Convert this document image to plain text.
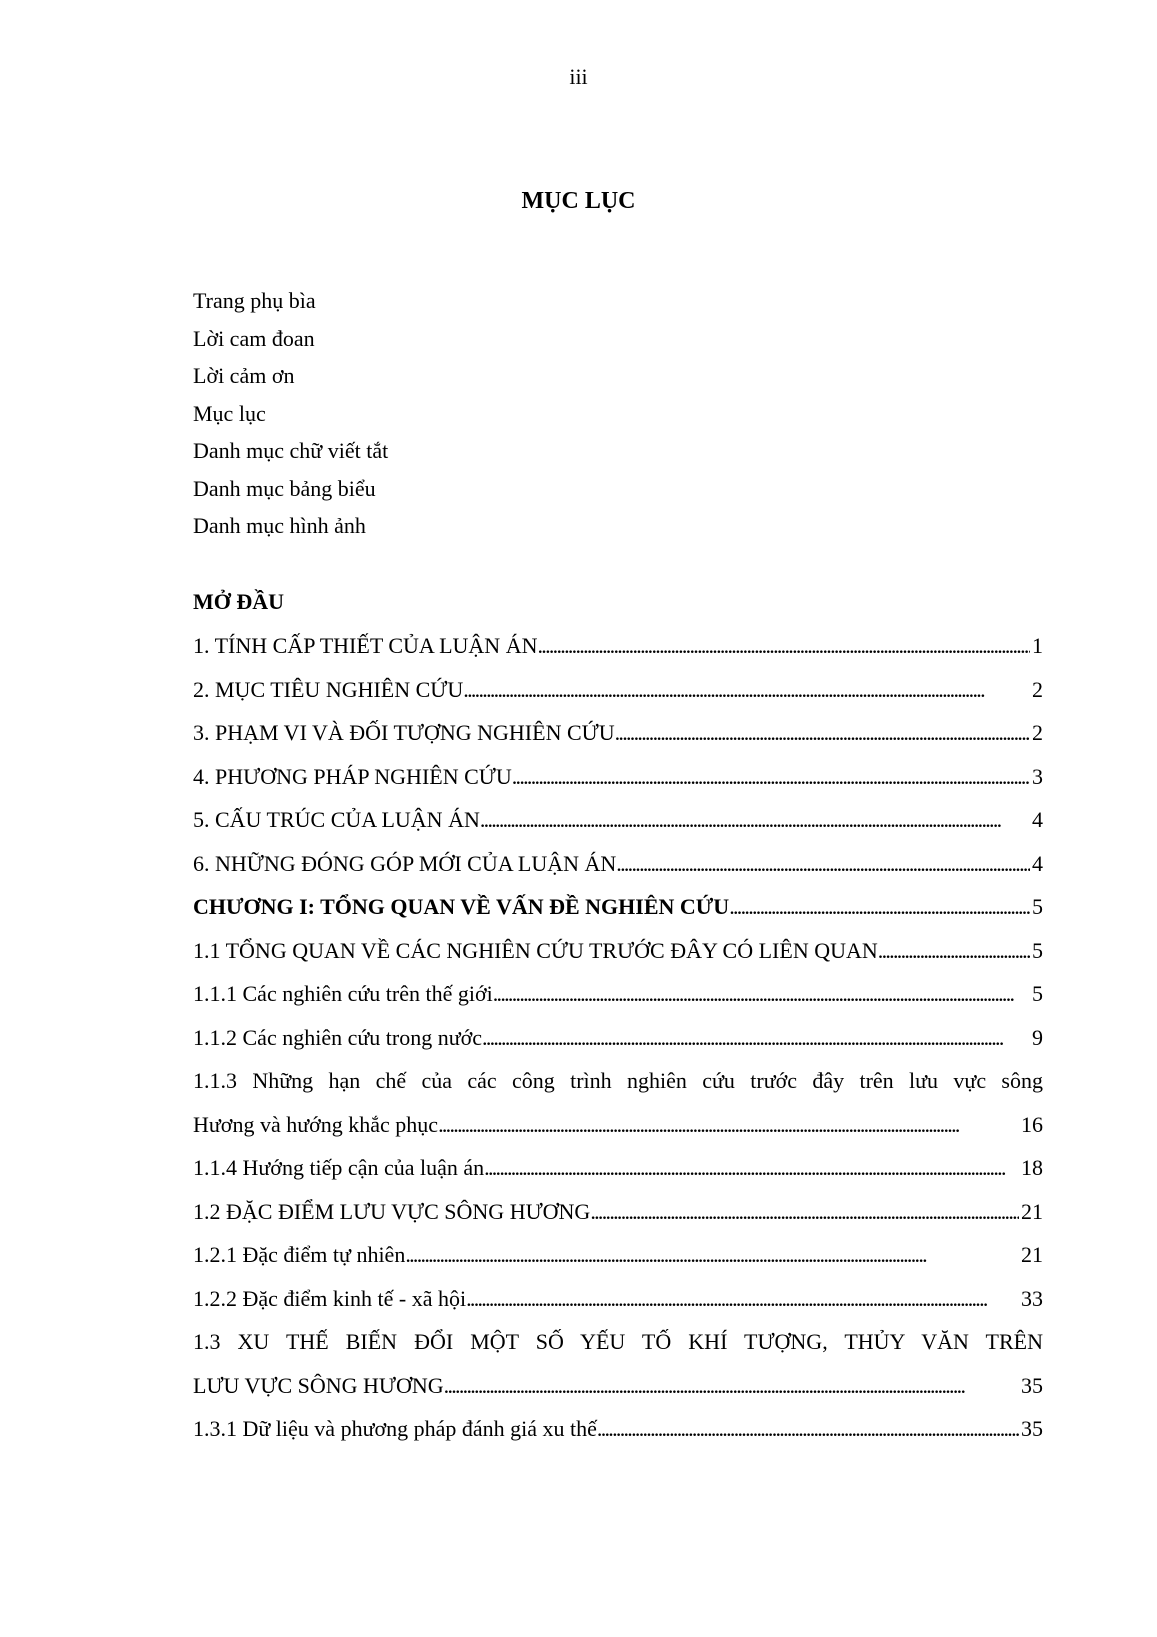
iii
MỤC LỤC
Trang phụ bìa
Lời cam đoan
Lời cảm ơn
Mục lục
Danh mục chữ viết tắt
Danh mục bảng biểu
Danh mục hình ảnh
MỞ ĐẦU
1. TÍNH CẤP THIẾT CỦA LUẬN ÁN . . .	1
2. MỤC TIÊU NGHIÊN CỨU . . .	2
3. PHẠM VI VÀ ĐỐI TƯỢNG NGHIÊN CỨU . . .	2
4. PHƯƠNG PHÁP NGHIÊN CỨU . . .	3
5. CẤU TRÚC CỦA LUẬN ÁN . . .	4
6. NHỮNG ĐÓNG GÓP MỚI CỦA LUẬN ÁN . . .	4
CHƯƠNG I: TỔNG QUAN VỀ VẤN ĐỀ NGHIÊN CỨU . . .	5
1.1 TỔNG QUAN VỀ CÁC NGHIÊN CỨU TRƯỚC ĐÂY CÓ LIÊN QUAN . . .	5
1.1.1 Các nghiên cứu trên thế giới . . .	5
1.1.2 Các nghiên cứu trong nước . . .	9
1.1.3 Những hạn chế của các công trình nghiên cứu trước đây trên lưu vực sông
Hương và hướng khắc phục . . .	16
1.1.4 Hướng tiếp cận của luận án . . .	18
1.2 ĐẶC ĐIỂM LƯU VỰC SÔNG HƯƠNG . . .	21
1.2.1 Đặc điểm tự nhiên . . .	21
1.2.2 Đặc điểm kinh tế - xã hội . . .	33
1.3 XU THẾ BIẾN ĐỔI MỘT SỐ YẾU TỐ KHÍ TƯỢNG, THỦY VĂN TRÊN
LƯU VỰC SÔNG HƯƠNG . . .	35
1.3.1 Dữ liệu và phương pháp đánh giá xu thế . . .	35
